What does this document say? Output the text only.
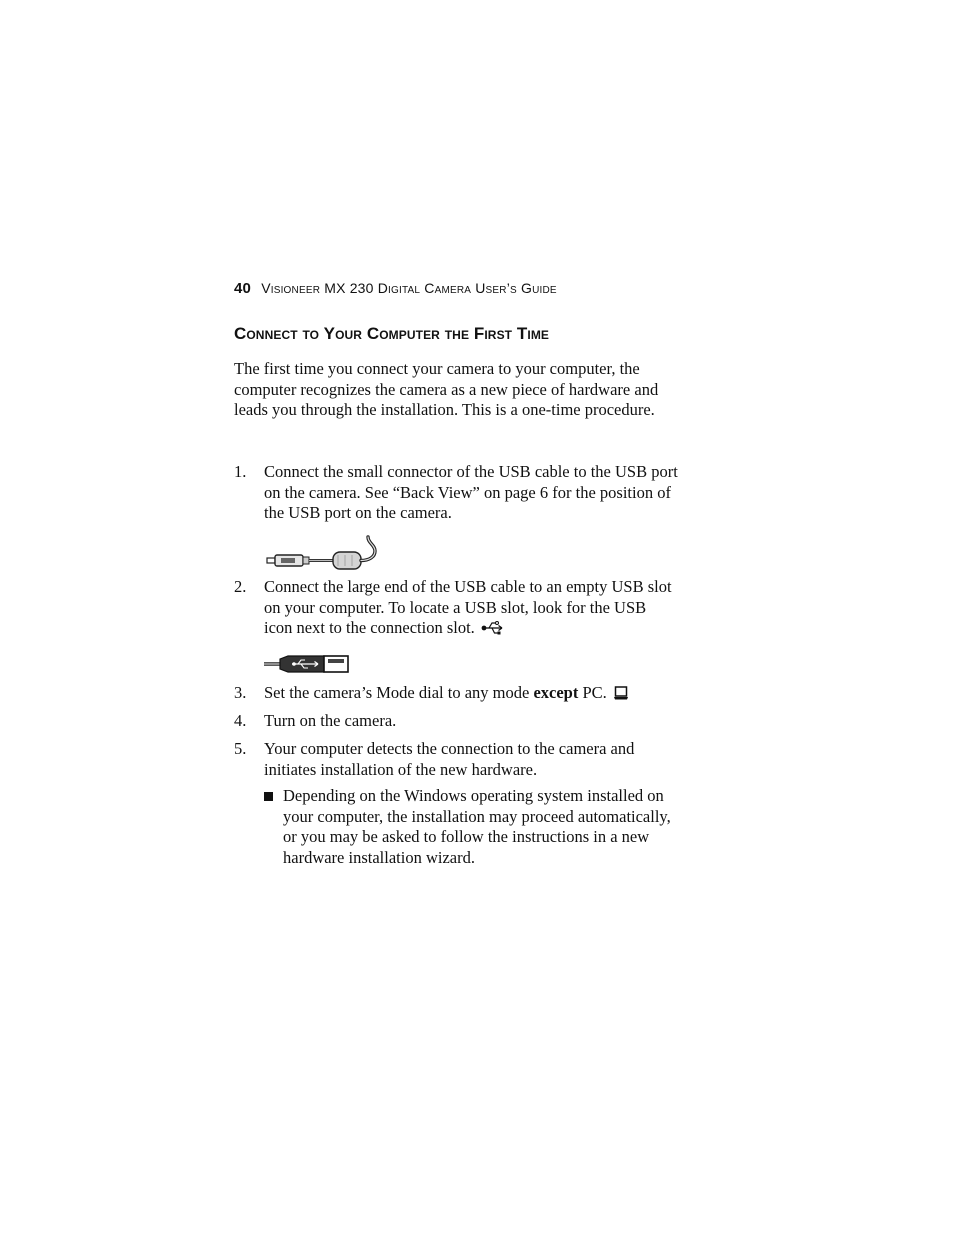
40 Visioneer MX 230 Digital Camera User’s Guide
Connect to Your Computer the First Time

The first time you connect your camera to your computer, the computer recognizes the camera as a new piece of hardware and leads you through the installation. This is a one-time procedure.

1. Connect the small connector of the USB cable to the USB port on the camera. See “Back View” on page 6 for the position of the USB port on the camera.
2. Connect the large end of the USB cable to an empty USB slot on your computer. To locate a USB slot, look for the USB icon next to the connection slot.
3. Set the camera’s Mode dial to any mode except PC.
4. Turn on the camera.
5. Your computer detects the connection to the camera and initiates installation of the new hardware.
Depending on the Windows operating system installed on your computer, the installation may proceed automatically, or you may be asked to follow the instructions in a new hardware installation wizard.
